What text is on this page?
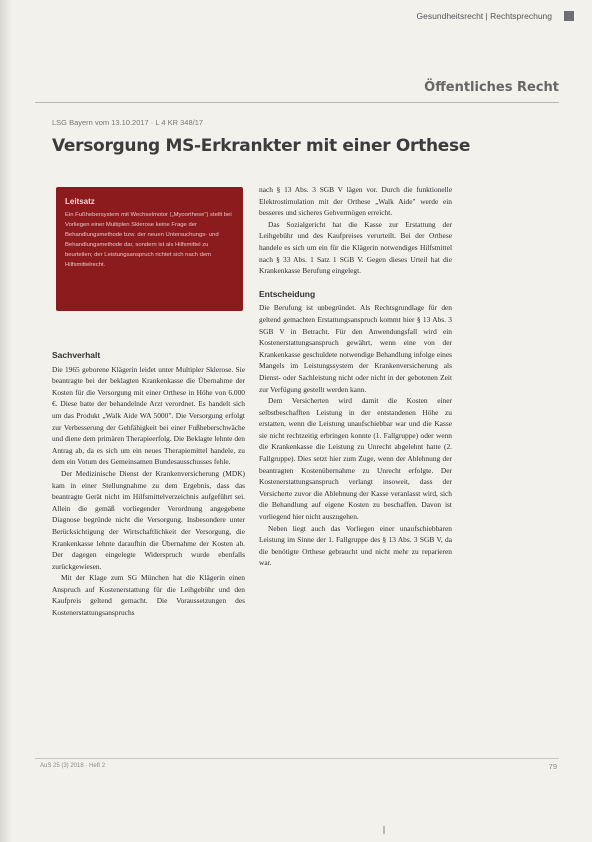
Gesundheitsrecht | Rechtsprechung
Öffentliches Recht
LSG Bayern vom 13.10.2017 · L 4 KR 348/17
Versorgung MS-Erkrankter mit einer Orthese
Leitsatz
Ein Fußhebersystem mit Wechselmotor („Myoorthese") stellt bei Vorliegen einer Multiplen Sklerose keine Frage der Behandlungsmethode bzw. der neuen Untersuchungs- und Behandlungsmethode dar, sondern ist als Hilfsmittel zu beurteilen; der Leistungsanspruch richtet sich nach dem Hilfsmittelrecht.
Sachverhalt

Die 1965 geborene Klägerin leidet unter Multipler Sklerose. Sie beantragte bei der beklagten Krankenkasse die Übernahme der Kosten für die Versorgung mit einer Orthese in Höhe von 6.000 €. Diese hatte der behandelnde Arzt verordnet. Es handelt sich um das Produkt „Walk Aide WA 5000". Die Versorgung erfolgt zur Verbesserung der Gehfähigkeit bei einer Fußheberschwäche und diene dem primären Therapieerfolg. Die Beklagte lehnte den Antrag ab, da es sich um ein neues Therapiemittel handele, zu dem ein Votum des Gemeinsamen Bundesausschusses fehle.

Der Medizinische Dienst der Krankenversicherung (MDK) kam in einer Stellungnahme zu dem Ergebnis, dass das beantragte Gerät nicht im Hilfsmittelverzeichnis aufgeführt sei. Allein die gemäß vorliegender Verordnung angegebene Diagnose begründe nicht die Versorgung. Insbesondere unter Berücksichtigung der Wirtschaftlichkeit der Versorgung, die Krankenkasse lehnte daraufhin die Übernahme der Kosten ab. Der dagegen eingelegte Widerspruch wurde ebenfalls zurückgewiesen.

Mit der Klage zum SG München hat die Klägerin einen Anspruch auf Kostenerstattung für die Leihgebühr und den Kaufpreis geltend gemacht. Die Voraussetzungen des Kostenerstattungsanspruchs

nach § 13 Abs. 3 SGB V lägen vor. Durch die funktionelle Elektrostimulation mit der Orthese „Walk Aide" werde ein besseres und sicheres Gehvermögen erreicht.

Das Sozialgericht hat die Kasse zur Erstattung der Leihgebühr und des Kaufpreises verurteilt. Bei der Orthese handele es sich um ein für die Klägerin notwendiges Hilfsmittel nach § 33 Abs. 1 Satz 1 SGB V. Gegen dieses Urteil hat die Krankenkasse Berufung eingelegt.

Entscheidung

Die Berufung ist unbegründet. Als Rechtsgrundlage für den geltend gemachten Erstattungsanspruch kommt hier § 13 Abs. 3 SGB V in Betracht. Für den Anwendungsfall wird ein Kostenerstattungsanspruch gewährt, wenn eine von der Krankenkasse geschuldete notwendige Behandlung infolge eines Mangels im Leistungssystem der Krankenversicherung als Dienst- oder Sachleistung nicht oder nicht in der gebotenen Zeit zur Verfügung gestellt werden kann.

Dem Versicherten wird damit die Kosten einer selbstbeschafften Leistung in der entstandenen Höhe zu erstatten, wenn die Leistung unaufschiebbar war und die Kasse sie nicht rechtzeitig erbringen konnte (1. Fallgruppe) oder wenn die Krankenkasse die Leistung zu Unrecht abgelehnt hatte (2. Fallgruppe). Dies setzt hier zum Zuge, wenn der Ablehnung der beantragten Kostenübernahme zu Unrecht erfolgte. Der Kostenerstattungsanspruch verlangt insoweit, dass der Versicherte zuvor die Ablehnung der Kasse veranlasst wird, sich die Behandlung auf eigene Kosten zu beschaffen. Davon ist vorliegend hier nicht auszugehen.

Neben liegt auch das Vorliegen einer unaufschiebbaren Leistung im Sinne der 1. Fallgruppe des § 13 Abs. 3 SGB V, da die benötigte Orthese gebraucht und nicht mehr zu reparieren war.

AuS 25 (3) 2018 · Heft 2	79
